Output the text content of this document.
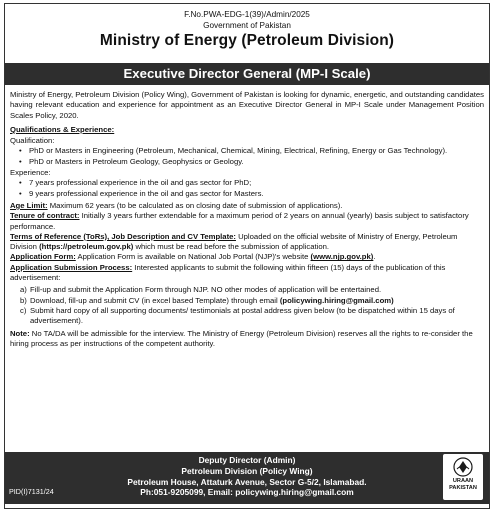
F.No.PWA-EDG-1(39)/Admin/2025
Government of Pakistan
Ministry of Energy (Petroleum Division)
Executive Director General (MP-I Scale)

Ministry of Energy, Petroleum Division (Policy Wing), Government of Pakistan is looking for dynamic, energetic, and outstanding candidates having relevant education and experience for appointment as an Executive Director General in MP-I Scale under Management Position Scales Policy, 2020.

Qualifications & Experience:

Qualification:

• PhD or Masters in Engineering (Petroleum, Mechanical, Chemical, Mining, Electrical, Refining, Energy or Gas Technology).
• PhD or Masters in Petroleum Geology, Geophysics or Geology.

Experience:

• 7 years professional experience in the oil and gas sector for PhD;
• 9 years professional experience in the oil and gas sector for Masters.

Age Limit: Maximum 62 years (to be calculated as on closing date of submission of applications).

Tenure of contract: Initially 3 years further extendable for a maximum period of 2 years on annual (yearly) basis subject to satisfactory performance.

Terms of Reference (ToRs), Job Description and CV Template: Uploaded on the official website of Ministry of Energy, Petroleum Division (https://petroleum.gov.pk) which must be read before the submission of application.

Application Form: Application Form is available on National Job Portal (NJP)'s website (www.njp.gov.pk).

Application Submission Process: Interested applicants to submit the following within fifteen (15) days of the publication of this advertisement:

a) Fill-up and submit the Application Form through NJP. NO other modes of application will be entertained.
b) Download, fill-up and submit CV (in excel based Template) through email (policywing.hiring@gmail.com)
c) Submit hard copy of all supporting documents/ testimonials at postal address given below (to be dispatched within 15 days of advertisement).

Note: No TA/DA will be admissible for the interview. The Ministry of Energy (Petroleum Division) reserves all the rights to re-consider the hiring process as per instructions of the competent authority.

Deputy Director (Admin)
Petroleum Division (Policy Wing)
Petroleum House, Attaturk Avenue, Sector G-5/2, Islamabad.
Ph:051-9205099, Email: policywing.hiring@gmail.com
PID(I)7131/24
URAAN
PAKISTAN
